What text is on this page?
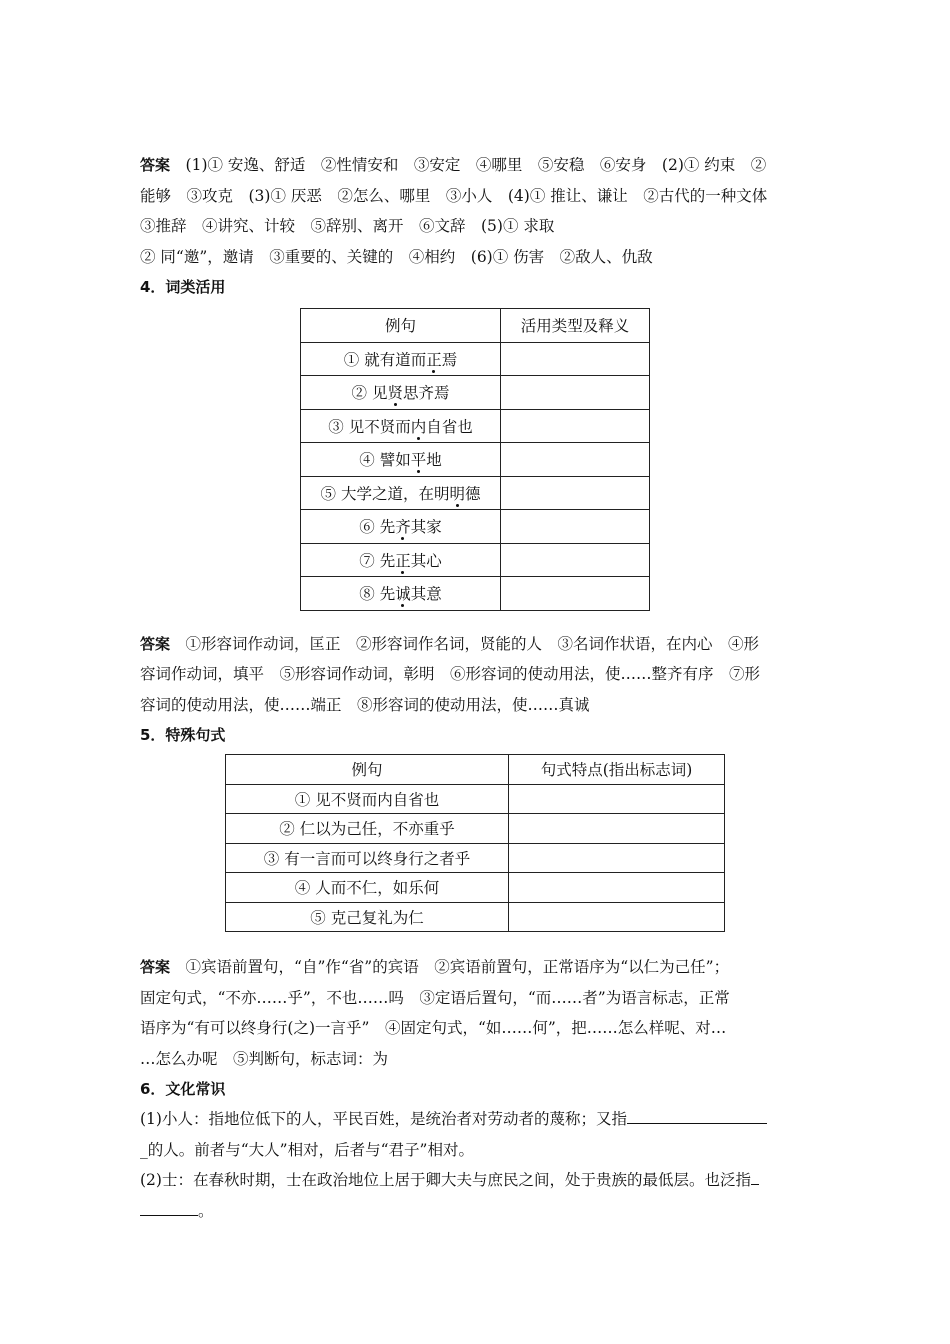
答案　 (1)① 安逸、舒适　②性情安和　③安定　④哪里　⑤安稳　⑥安身　(2)① 约束　②

能够　③攻克　(3)① 厌恶　②怎么、哪里　③小人　(4)① 推让、谦让　②古代的一种文体

③推辞　④讲究、计较　⑤辞别、离开　⑥文辞　(5)① 求取

② 同“邀”，邀请　③重要的、关键的　④相约　(6)① 伤害　②敌人、仇敌

4．词类活用

例句	活用类型及释义
① 就有道而正焉	
② 见贤思齐焉	
③ 见不贤而内自省也	
④ 譬如平地	
⑤ 大学之道，在明明德	
⑥ 先齐其家	
⑦ 先正其心	
⑧ 先诚其意	

答案　 ①形容词作动词，匡正　②形容词作名词，贤能的人　③名词作状语，在内心　④形

容词作动词，填平　⑤形容词作动词，彰明　⑥形容词的使动用法，使……整齐有序　⑦形

容词的使动用法，使……端正　⑧形容词的使动用法，使……真诚

5．特殊句式

例句	句式特点(指出标志词)
① 见不贤而内自省也	
② 仁以为己任，不亦重乎	
③ 有一言而可以终身行之者乎	
④ 人而不仁，如乐何	
⑤ 克己复礼为仁	

答案　 ①宾语前置句，“自”作“省”的宾语　②宾语前置句，正常语序为“以仁为己任”；

固定句式，“不亦……乎”，不也……吗　③定语后置句，“而……者”为语言标志，正常

语序为“有可以终身行(之)一言乎”　④固定句式，“如……何”，把……怎么样呢、对…

…怎么办呢　⑤判断句，标志词：为

6．文化常识

(1)小人：指地位低下的人，平民百姓，是统治者对劳动者的蔑称；又指

_的人。前者与“大人”相对，后者与“君子”相对。

(2)士：在春秋时期，士在政治地位上居于卿大夫与庶民之间，处于贵族的最低层。也泛指

。
